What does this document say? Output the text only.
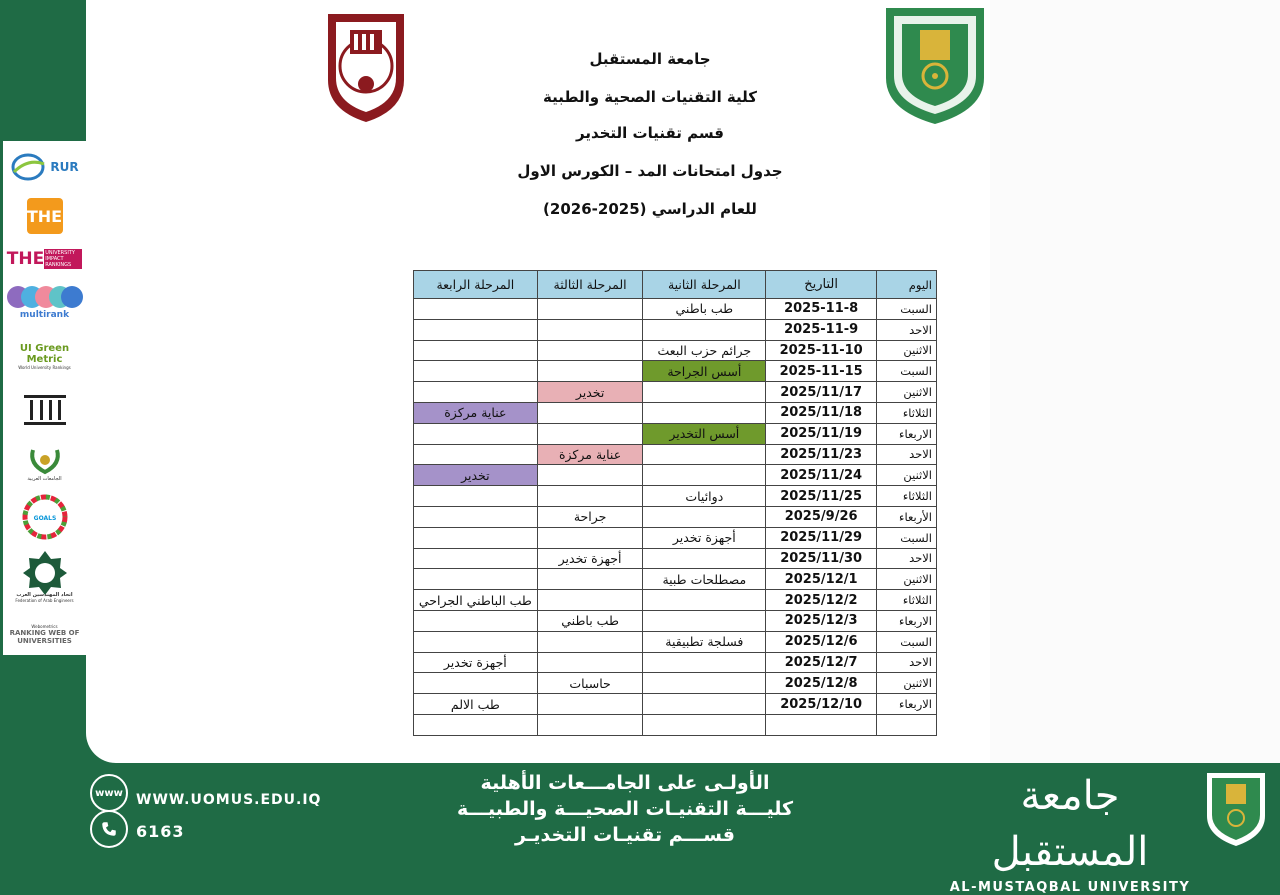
جامعة المستقبل
كلية التقنيات الصحية والطبية
قسم تقنيات التخدير
جدول امتحانات المد – الكورس الاول
للعام الدراسي (2025-2026)
اليوم	التاريخ	المرحلة الثانية	المرحلة الثالثة	المرحلة الرابعة
السبت	2025-11-8	طب باطني		
الاحد	2025-11-9			
الاثنين	2025-11-10	جرائم حزب البعث		
السبت	2025-11-15	أسس الجراحة		
الاثنين	2025/11/17		تخدير	
الثلاثاء	2025/11/18			عناية مركزة
الاربعاء	2025/11/19	أسس التخدير		
الاحد	2025/11/23		عناية مركزة	
الاثنين	2025/11/24			تخدير
الثلاثاء	2025/11/25	دوائيات		
الأربعاء	2025/9/26		جراحة	
السبت	2025/11/29	أجهزة تخدير		
الاحد	2025/11/30		أجهزة تخدير	
الاثنين	2025/12/1	مصطلحات طبية		
الثلاثاء	2025/12/2			طب الباطني الجراحي
الاربعاء	2025/12/3		طب باطني	
السبت	2025/12/6	فسلجة تطبيقية		
الاحد	2025/12/7			أجهزة تخدير
الاثنين	2025/12/8		حاسبات	
الاربعاء	2025/12/10			طب الالم

RUR
THE
THE UNIVERSITY IMPACT RANKINGS
multirank
UI Green Metric
World University Rankings
الجامعات العربية
GOALS
اتحاد المهندسين العرب
Federation of Arab Engineers
Webometrics
RANKING WEB OF UNIVERSITIES
www WWW.UOMUS.EDU.IQ
6163
الأولـى على الجامـــعات الأهلية
كليـــة التقنيـات الصحيـــة والطبيـــة
قســـم تقنيـات التخديـر
جامعة المستقبل
AL-MUSTAQBAL UNIVERSITY
